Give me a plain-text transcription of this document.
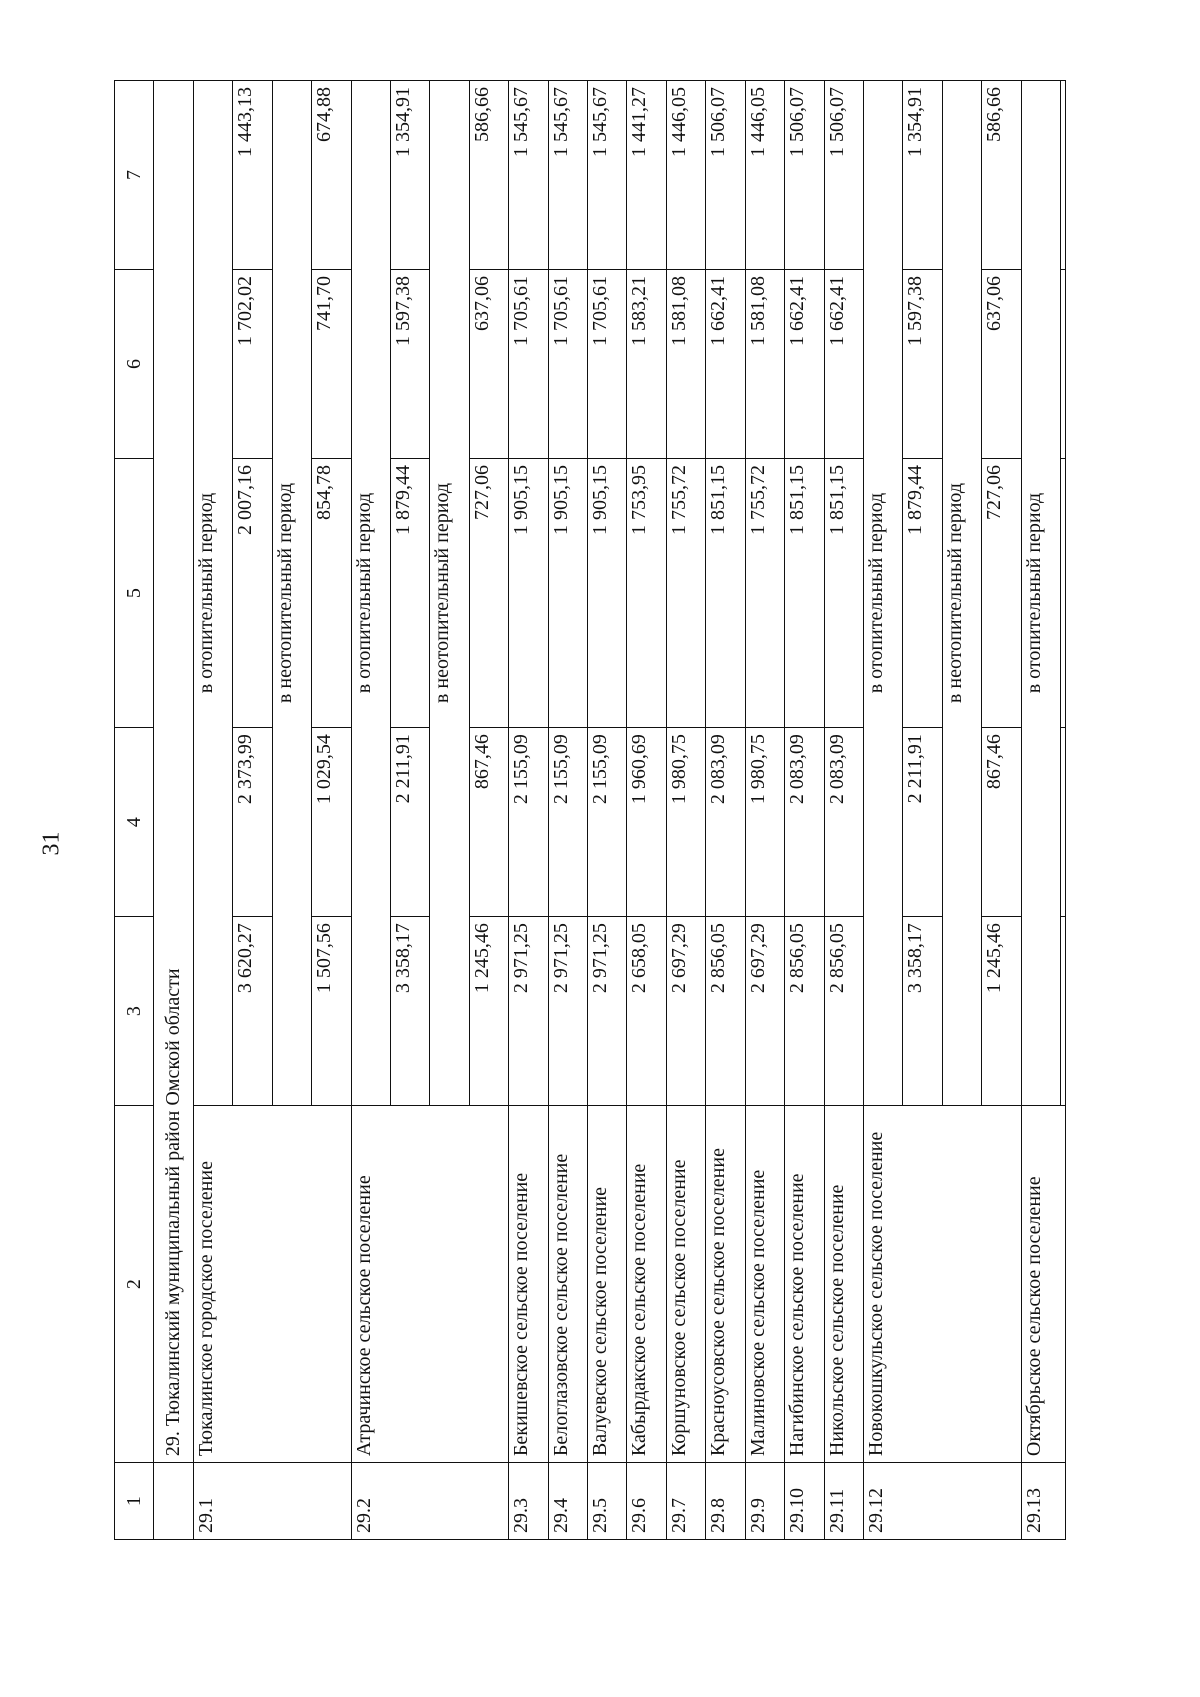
31
1	2	3	4	5	6	7
	29. Тюкалинский муниципальный район Омской области					
29.1	Тюкалинское городское поселение	в отопительный период				
		3 620,27	2 373,99	2 007,16	1 702,02	1 443,13
		в неотопительный период				
		1 507,56	1 029,54	854,78	741,70	674,88
29.2	Атрачинское сельское поселение	в отопительный период				
		3 358,17	2 211,91	1 879,44	1 597,38	1 354,91
		в неотопительный период				
		1 245,46	867,46	727,06	637,06	586,66
29.3	Бекишевское сельское поселение	2 971,25	2 155,09	1 905,15	1 705,61	1 545,67
29.4	Белоглазовское сельское поселение	2 971,25	2 155,09	1 905,15	1 705,61	1 545,67
29.5	Валуевское сельское поселение	2 971,25	2 155,09	1 905,15	1 705,61	1 545,67
29.6	Кабырдакское сельское поселение	2 658,05	1 960,69	1 753,95	1 583,21	1 441,27
29.7	Коршуновское сельское поселение	2 697,29	1 980,75	1 755,72	1 581,08	1 446,05
29.8	Красноусовское сельское поселение	2 856,05	2 083,09	1 851,15	1 662,41	1 506,07
29.9	Малиновское сельское поселение	2 697,29	1 980,75	1 755,72	1 581,08	1 446,05
29.10	Нагибинское сельское поселение	2 856,05	2 083,09	1 851,15	1 662,41	1 506,07
29.11	Никольское сельское поселение	2 856,05	2 083,09	1 851,15	1 662,41	1 506,07
29.12	Новокошкульское сельское поселение	в отопительный период				
		3 358,17	2 211,91	1 879,44	1 597,38	1 354,91
		в неотопительный период				
		1 245,46	867,46	727,06	637,06	586,66
29.13	Октябрьское сельское поселение	в отопительный период				
